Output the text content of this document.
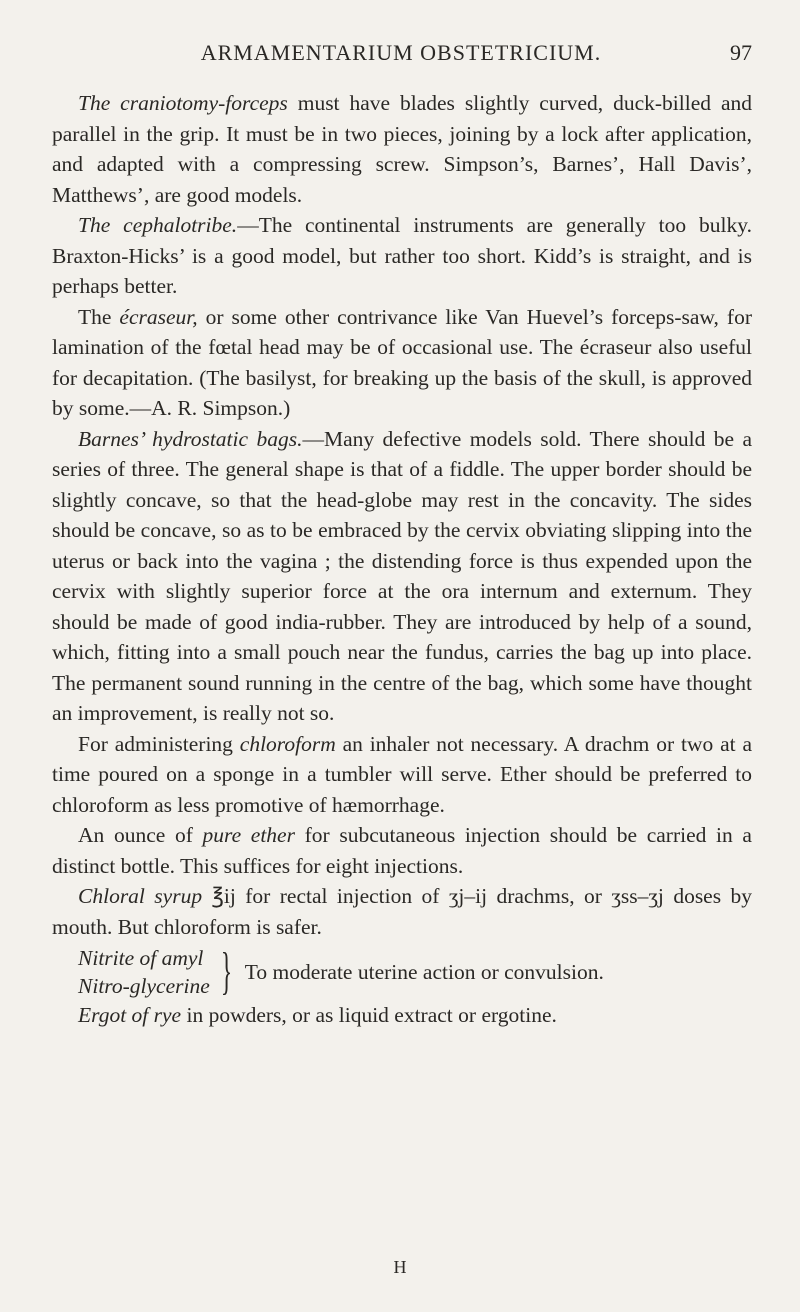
ARMAMENTARIUM OBSTETRICIUM.	97

The craniotomy-forceps must have blades slightly curved, duck-billed and parallel in the grip. It must be in two pieces, joining by a lock after application, and adapted with a compressing screw. Simpson’s, Barnes’, Hall Davis’, Matthews’, are good models.

The cephalotribe.—The continental instruments are generally too bulky. Braxton-Hicks’ is a good model, but rather too short. Kidd’s is straight, and is perhaps better.

The écraseur, or some other contrivance like Van Huevel’s forceps-saw, for lamination of the fœtal head may be of occasional use. The écraseur also useful for decapitation. (The basilyst, for breaking up the basis of the skull, is approved by some.—A. R. Simpson.)

Barnes’ hydrostatic bags.—Many defective models sold. There should be a series of three. The general shape is that of a fiddle. The upper border should be slightly concave, so that the head-globe may rest in the concavity. The sides should be concave, so as to be embraced by the cervix obviating slipping into the uterus or back into the vagina ; the distending force is thus expended upon the cervix with slightly superior force at the ora internum and externum. They should be made of good india-rubber. They are introduced by help of a sound, which, fitting into a small pouch near the fundus, carries the bag up into place. The permanent sound running in the centre of the bag, which some have thought an improvement, is really not so.

For administering chloroform an inhaler not necessary. A drachm or two at a time poured on a sponge in a tumbler will serve. Ether should be preferred to chloroform as less promotive of hæmorrhage.

An ounce of pure ether for subcutaneous injection should be carried in a distinct bottle. This suffices for eight injections.

Chloral syrup ℥ij for rectal injection of ʒj–ij drachms, or ʒss–ʒj doses by mouth. But chloroform is safer.

Nitrite of amyl
Nitro-glycerine } To moderate uterine action or convulsion.

Ergot of rye in powders, or as liquid extract or ergotine.

H
